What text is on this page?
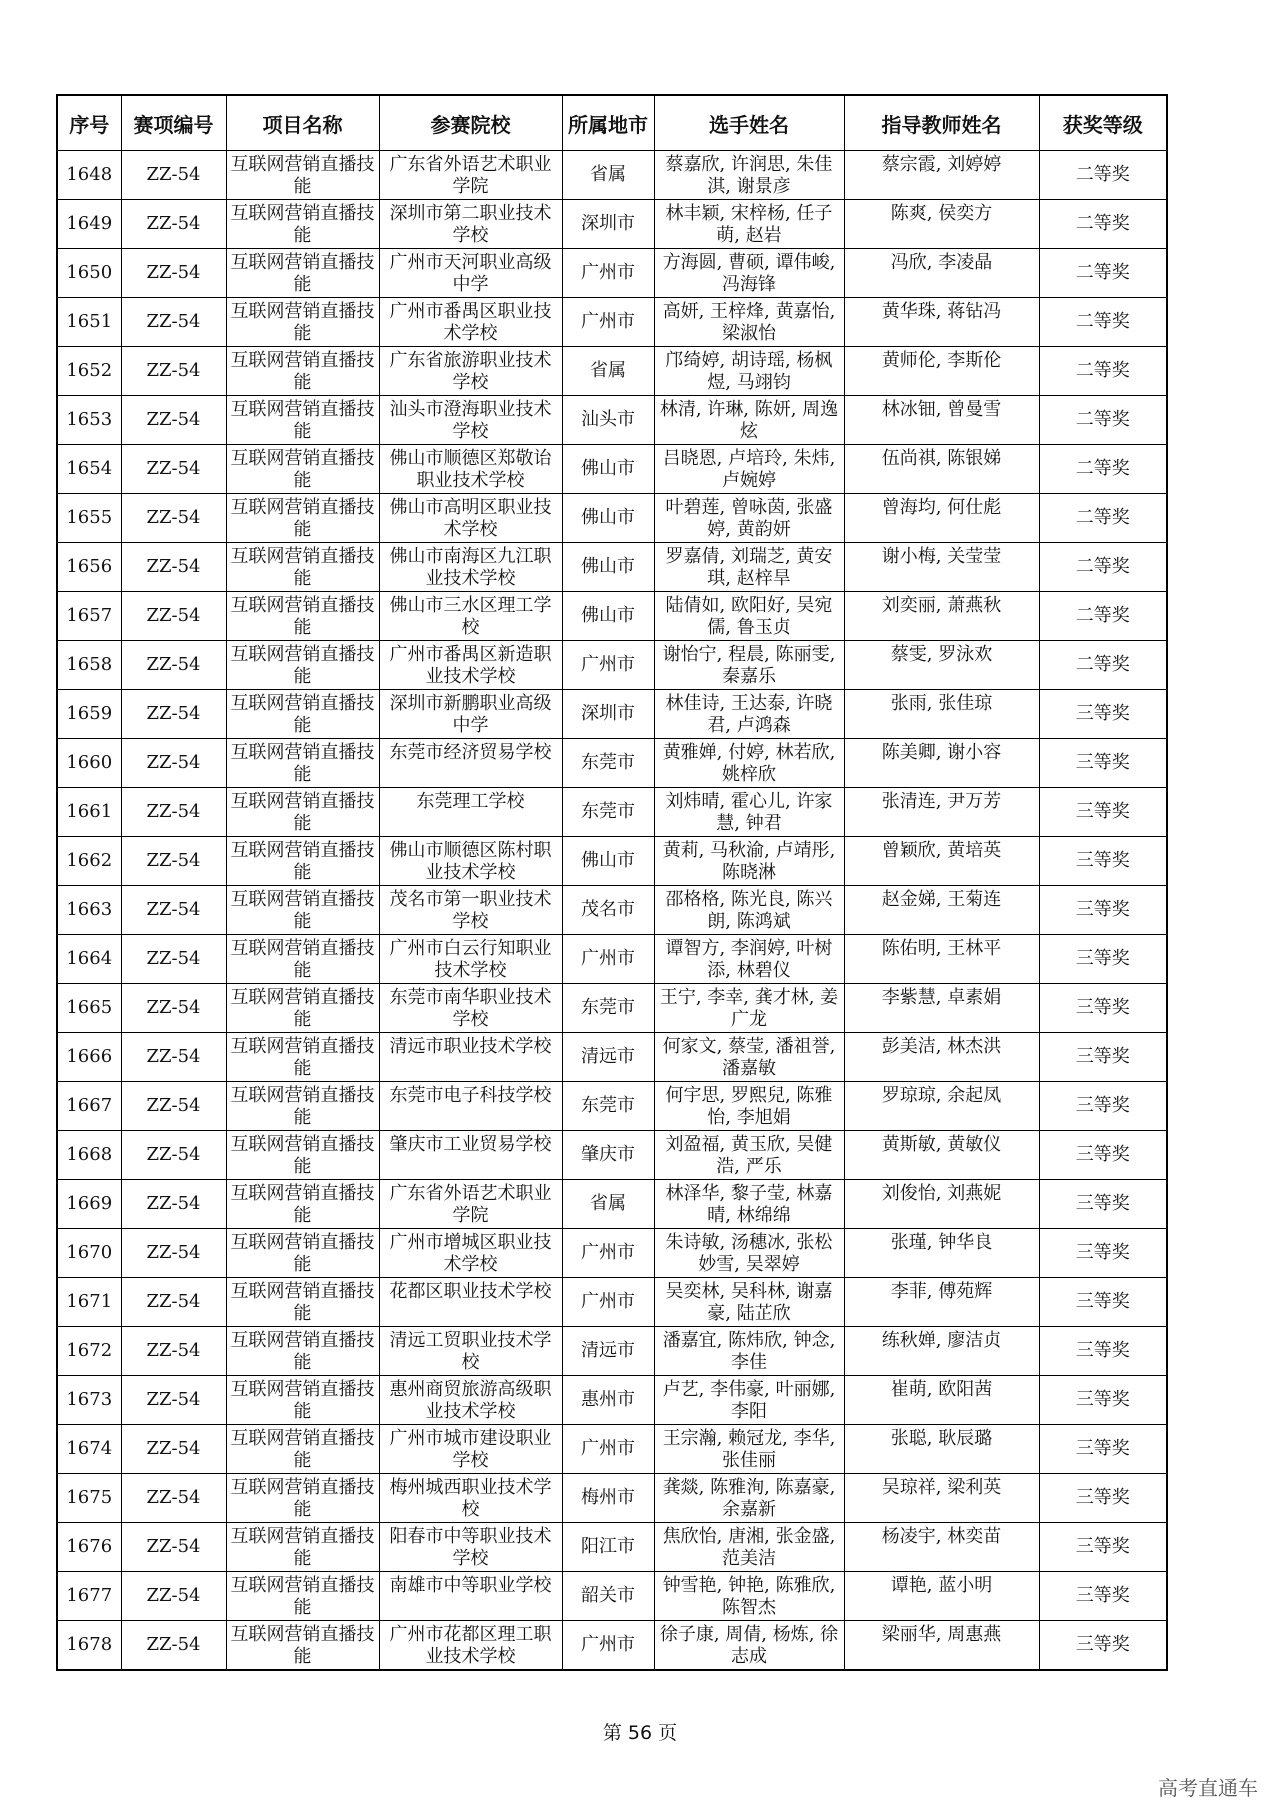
序号	赛项编号	项目名称	参赛院校	所属地市	选手姓名	指导教师姓名	获奖等级
1648	ZZ-54	互联网营销直播技能	广东省外语艺术职业学院	省属	蔡嘉欣, 许润思, 朱佳淇, 谢景彦	蔡宗霞, 刘婷婷	二等奖
1649	ZZ-54	互联网营销直播技能	深圳市第二职业技术学校	深圳市	林丰颖, 宋梓杨, 任子萌, 赵岩	陈爽, 侯奕方	二等奖
1650	ZZ-54	互联网营销直播技能	广州市天河职业高级中学	广州市	方海圆, 曹硕, 谭伟峻, 冯海锋	冯欣, 李凌晶	二等奖
1651	ZZ-54	互联网营销直播技能	广州市番禺区职业技术学校	广州市	高妍, 王梓烽, 黄嘉怡, 梁淑怡	黄华珠, 蒋钻冯	二等奖
1652	ZZ-54	互联网营销直播技能	广东省旅游职业技术学校	省属	邝绮婷, 胡诗瑶, 杨枫煜, 马翊钧	黄师伦, 李斯伦	二等奖
1653	ZZ-54	互联网营销直播技能	汕头市澄海职业技术学校	汕头市	林清, 许琳, 陈妍, 周逸炫	林冰钿, 曾曼雪	二等奖
1654	ZZ-54	互联网营销直播技能	佛山市顺德区郑敬诒职业技术学校	佛山市	吕晓恩, 卢培玲, 朱炜, 卢婉婷	伍尚祺, 陈银娣	二等奖
1655	ZZ-54	互联网营销直播技能	佛山市高明区职业技术学校	佛山市	叶碧莲, 曾咏茵, 张盛婷, 黄韵妍	曾海均, 何仕彪	二等奖
1656	ZZ-54	互联网营销直播技能	佛山市南海区九江职业技术学校	佛山市	罗嘉倩, 刘瑞芝, 黄安琪, 赵梓旱	谢小梅, 关莹莹	二等奖
1657	ZZ-54	互联网营销直播技能	佛山市三水区理工学校	佛山市	陆倩如, 欧阳好, 吴宛儒, 鲁玉贞	刘奕丽, 萧燕秋	二等奖
1658	ZZ-54	互联网营销直播技能	广州市番禺区新造职业技术学校	广州市	谢怡宁, 程晨, 陈丽雯, 秦嘉乐	蔡雯, 罗泳欢	二等奖
1659	ZZ-54	互联网营销直播技能	深圳市新鹏职业高级中学	深圳市	林佳诗, 王达泰, 许晓君, 卢鸿森	张雨, 张佳琼	三等奖
1660	ZZ-54	互联网营销直播技能	东莞市经济贸易学校	东莞市	黄雅婵, 付婷, 林若欣, 姚梓欣	陈美卿, 谢小容	三等奖
1661	ZZ-54	互联网营销直播技能	东莞理工学校	东莞市	刘炜晴, 霍心儿, 许家慧, 钟君	张清连, 尹万芳	三等奖
1662	ZZ-54	互联网营销直播技能	佛山市顺德区陈村职业技术学校	佛山市	黄莉, 马秋渝, 卢靖彤, 陈晓淋	曾颖欣, 黄培英	三等奖
1663	ZZ-54	互联网营销直播技能	茂名市第一职业技术学校	茂名市	邵格格, 陈光良, 陈兴朗, 陈鸿斌	赵金娣, 王菊连	三等奖
1664	ZZ-54	互联网营销直播技能	广州市白云行知职业技术学校	广州市	谭智方, 李润婷, 叶树添, 林碧仪	陈佑明, 王林平	三等奖
1665	ZZ-54	互联网营销直播技能	东莞市南华职业技术学校	东莞市	王宁, 李幸, 龚才林, 姜广龙	李紫慧, 卓素娟	三等奖
1666	ZZ-54	互联网营销直播技能	清远市职业技术学校	清远市	何家文, 蔡莹, 潘祖誉, 潘嘉敏	彭美洁, 林杰洪	三等奖
1667	ZZ-54	互联网营销直播技能	东莞市电子科技学校	东莞市	何宇思, 罗熙兒, 陈雅怡, 李旭娟	罗琼琼, 余起凤	三等奖
1668	ZZ-54	互联网营销直播技能	肇庆市工业贸易学校	肇庆市	刘盈福, 黄玉欣, 吴健浩, 严乐	黄斯敏, 黄敏仪	三等奖
1669	ZZ-54	互联网营销直播技能	广东省外语艺术职业学院	省属	林泽华, 黎子莹, 林嘉晴, 林绵绵	刘俊怡, 刘燕妮	三等奖
1670	ZZ-54	互联网营销直播技能	广州市增城区职业技术学校	广州市	朱诗敏, 汤穗冰, 张松妙雪, 吴翠婷	张瑾, 钟华良	三等奖
1671	ZZ-54	互联网营销直播技能	花都区职业技术学校	广州市	吴奕林, 吴科林, 谢嘉豪, 陆芷欣	李菲, 傅苑辉	三等奖
1672	ZZ-54	互联网营销直播技能	清远工贸职业技术学校	清远市	潘嘉宜, 陈炜欣, 钟念, 李佳	练秋婵, 廖洁贞	三等奖
1673	ZZ-54	互联网营销直播技能	惠州商贸旅游高级职业技术学校	惠州市	卢艺, 李伟豪, 叶丽娜, 李阳	崔萌, 欧阳茜	三等奖
1674	ZZ-54	互联网营销直播技能	广州市城市建设职业学校	广州市	王宗瀚, 赖冠龙, 李华, 张佳丽	张聪, 耿辰璐	三等奖
1675	ZZ-54	互联网营销直播技能	梅州城西职业技术学校	梅州市	龚燚, 陈雅洵, 陈嘉豪, 余嘉新	吴琼祥, 梁利英	三等奖
1676	ZZ-54	互联网营销直播技能	阳春市中等职业技术学校	阳江市	焦欣怡, 唐湘, 张金盛, 范美洁	杨凌宇, 林奕苗	三等奖
1677	ZZ-54	互联网营销直播技能	南雄市中等职业学校	韶关市	钟雪艳, 钟艳, 陈雅欣, 陈智杰	谭艳, 蓝小明	三等奖
1678	ZZ-54	互联网营销直播技能	广州市花都区理工职业技术学校	广州市	徐子康, 周倩, 杨炼, 徐志成	梁丽华, 周惠燕	三等奖
第 56 页
高考直通车
